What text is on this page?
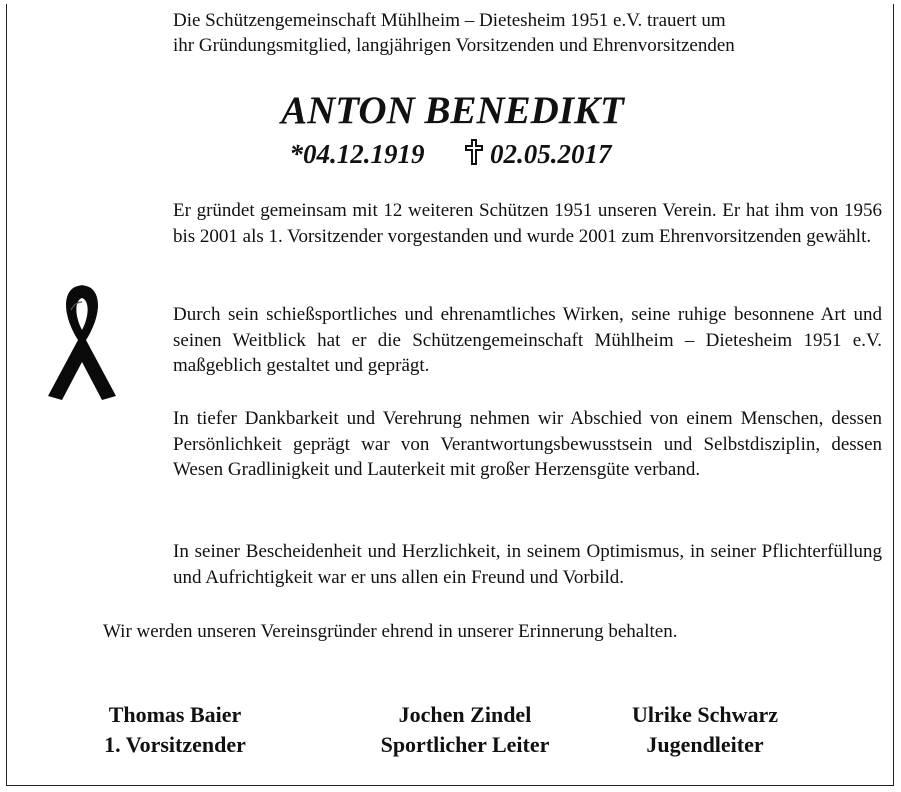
Die Schützengemeinschaft Mühlheim – Dietesheim 1951 e.V. trauert um
ihr Gründungsmitglied, langjährigen Vorsitzenden und Ehrenvorsitzenden
ANTON BENEDIKT
*04.12.1919 02.05.2017
Er gründet gemeinsam mit 12 weiteren Schützen 1951 unseren Verein. Er hat ihm von 1956 bis 2001 als 1. Vorsitzender vorgestanden und wurde 2001 zum Ehrenvorsitzenden gewählt.
Durch sein schießsportliches und ehrenamtliches Wirken, seine ruhige besonnene Art und seinen Weitblick hat er die Schützengemeinschaft Mühlheim – Dietesheim 1951 e.V. maßgeblich gestaltet und geprägt.
In tiefer Dankbarkeit und Verehrung nehmen wir Abschied von einem Menschen, dessen Persönlichkeit geprägt war von Verantwortungsbewusstsein und Selbstdisziplin, dessen Wesen Gradlinigkeit und Lauterkeit mit großer Herzensgüte verband.
In seiner Bescheidenheit und Herzlichkeit, in seinem Optimismus, in seiner Pflichterfüllung und Aufrichtigkeit war er uns allen ein Freund und Vorbild.
Wir werden unseren Vereinsgründer ehrend in unserer Erinnerung behalten.
Thomas Baier
1. Vorsitzender
Jochen Zindel
Sportlicher Leiter
Ulrike Schwarz
Jugendleiter
